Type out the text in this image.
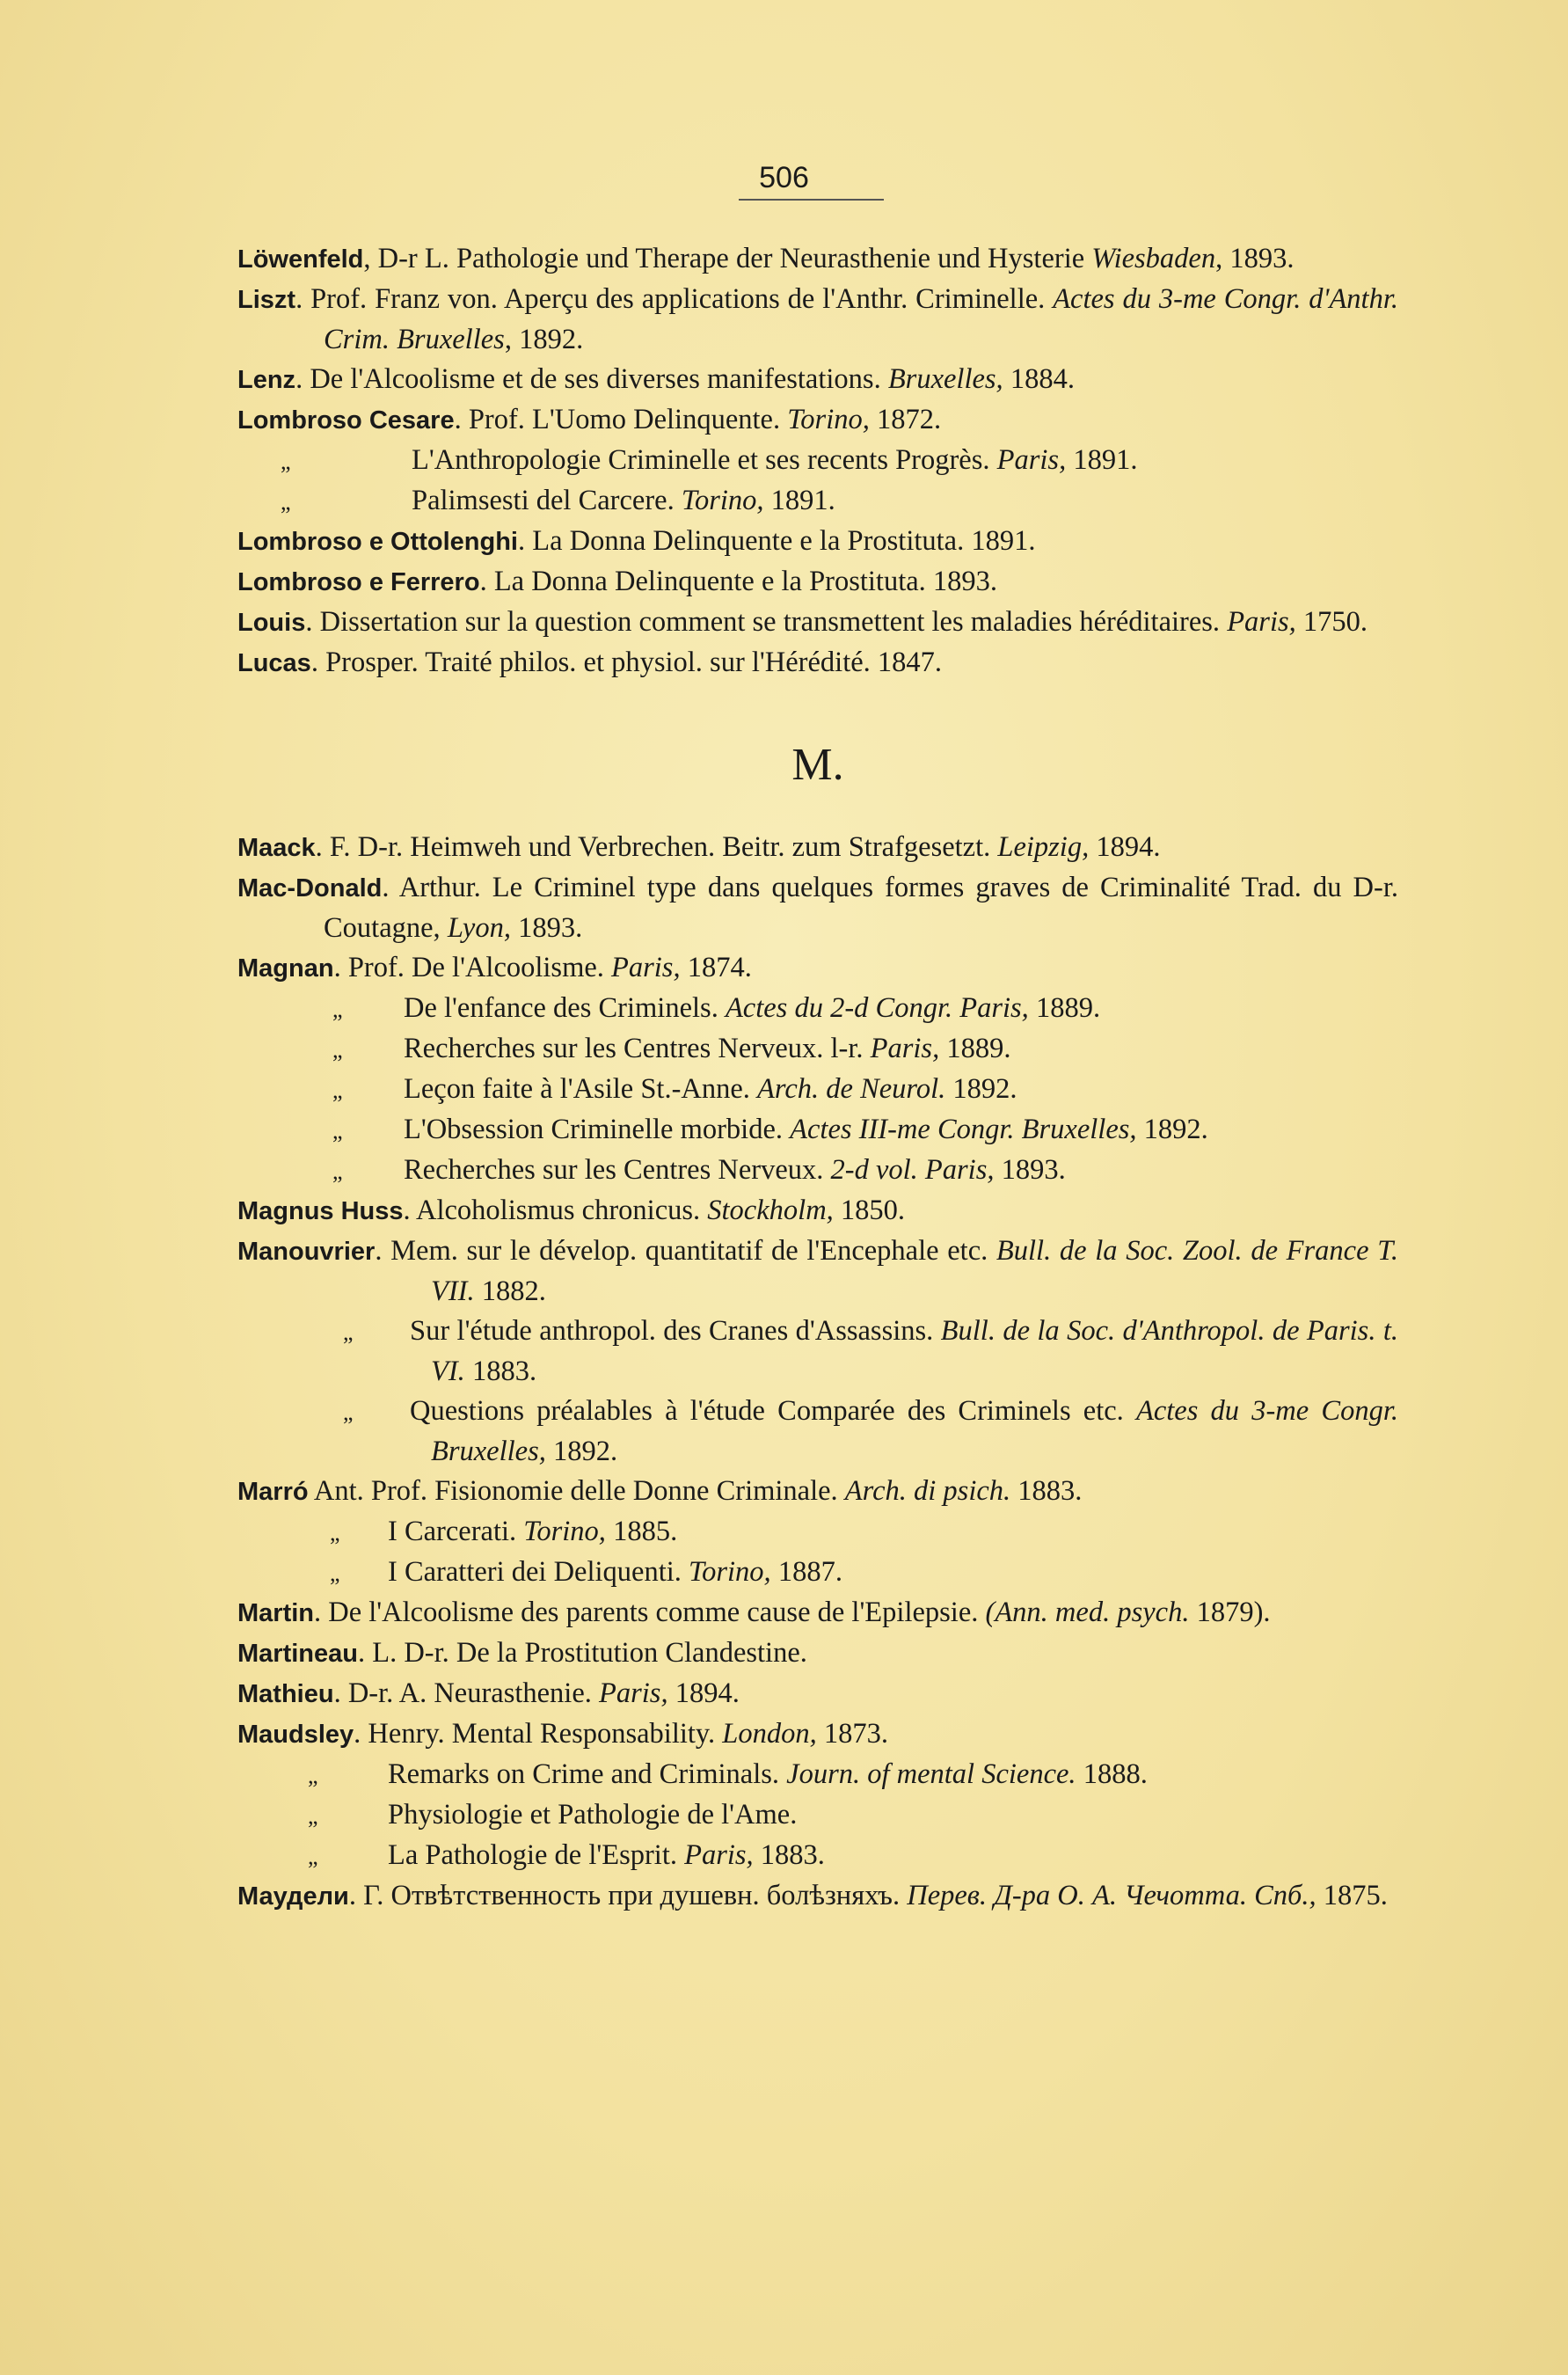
506

Löwenfeld, D-r L. Pathologie und Therape der Neurasthenie und Hysterie Wiesbaden, 1893.

Liszt. Prof. Franz von. Aperçu des applications de l'Anthr. Criminelle. Actes du 3-me Congr. d'Anthr. Crim. Bruxelles, 1892.

Lenz. De l'Alcoolisme et de ses diverses manifestations. Bruxelles, 1884.

Lombroso Cesare. Prof. L'Uomo Delinquente. Torino, 1872.

„	L'Anthropologie Criminelle et ses recents Progrès. Paris, 1891.

„	Palimsesti del Carcere. Torino, 1891.

Lombroso e Ottolenghi. La Donna Delinquente e la Prostituta. 1891.

Lombroso e Ferrero. La Donna Delinquente e la Prostituta. 1893.

Louis. Dissertation sur la question comment se transmettent les maladies héréditaires. Paris, 1750.

Lucas. Prosper. Traité philos. et physiol. sur l'Hérédité. 1847.

M.

Maack. F. D-r. Heimweh und Verbrechen. Beitr. zum Strafgesetzt. Leipzig, 1894.

Mac-Donald. Arthur. Le Criminel type dans quelques formes graves de Criminalité Trad. du D-r. Coutagne, Lyon, 1893.

Magnan. Prof. De l'Alcoolisme. Paris, 1874.

„ De l'enfance des Criminels. Actes du 2-d Congr. Paris, 1889.

„ Recherches sur les Centres Nerveux. l-r. Paris, 1889.

„ Leçon faite à l'Asile St.-Anne. Arch. de Neurol. 1892.

„ L'Obsession Criminelle morbide. Actes III-me Congr. Bruxelles, 1892.

„ Recherches sur les Centres Nerveux. 2-d vol. Paris, 1893.

Magnus Huss. Alcoholismus chronicus. Stockholm, 1850.

Manouvrier. Mem. sur le dévelop. quantitatif de l'Encephale etc. Bull. de la Soc. Zool. de France T. VII. 1882.

„ Sur l'étude anthropol. des Cranes d'Assassins. Bull. de la Soc. d'Anthropol. de Paris. t. VI. 1883.

„ Questions préalables à l'étude Comparée des Criminels etc. Actes du 3-me Congr. Bruxelles, 1892.

Marró Ant. Prof. Fisionomie delle Donne Criminale. Arch. di psich. 1883.

„ I Carcerati. Torino, 1885.

„ I Caratteri dei Deliquenti. Torino, 1887.

Martin. De l'Alcoolisme des parents comme cause de l'Epilepsie. (Ann. med. psych. 1879).

Martineau. L. D-r. De la Prostitution Clandestine.

Mathieu. D-r. A. Neurasthenie. Paris, 1894.

Maudsley. Henry. Mental Responsability. London, 1873.

„ Remarks on Crime and Criminals. Journ. of mental Science. 1888.

„ Physiologie et Pathologie de l'Ame.

„ La Pathologie de l'Esprit. Paris, 1883.

Маудели. Г. Отвѣтственность при душевн. болѣзняхъ. Перев. Д-ра О. А. Чечотта. Спб., 1875.
